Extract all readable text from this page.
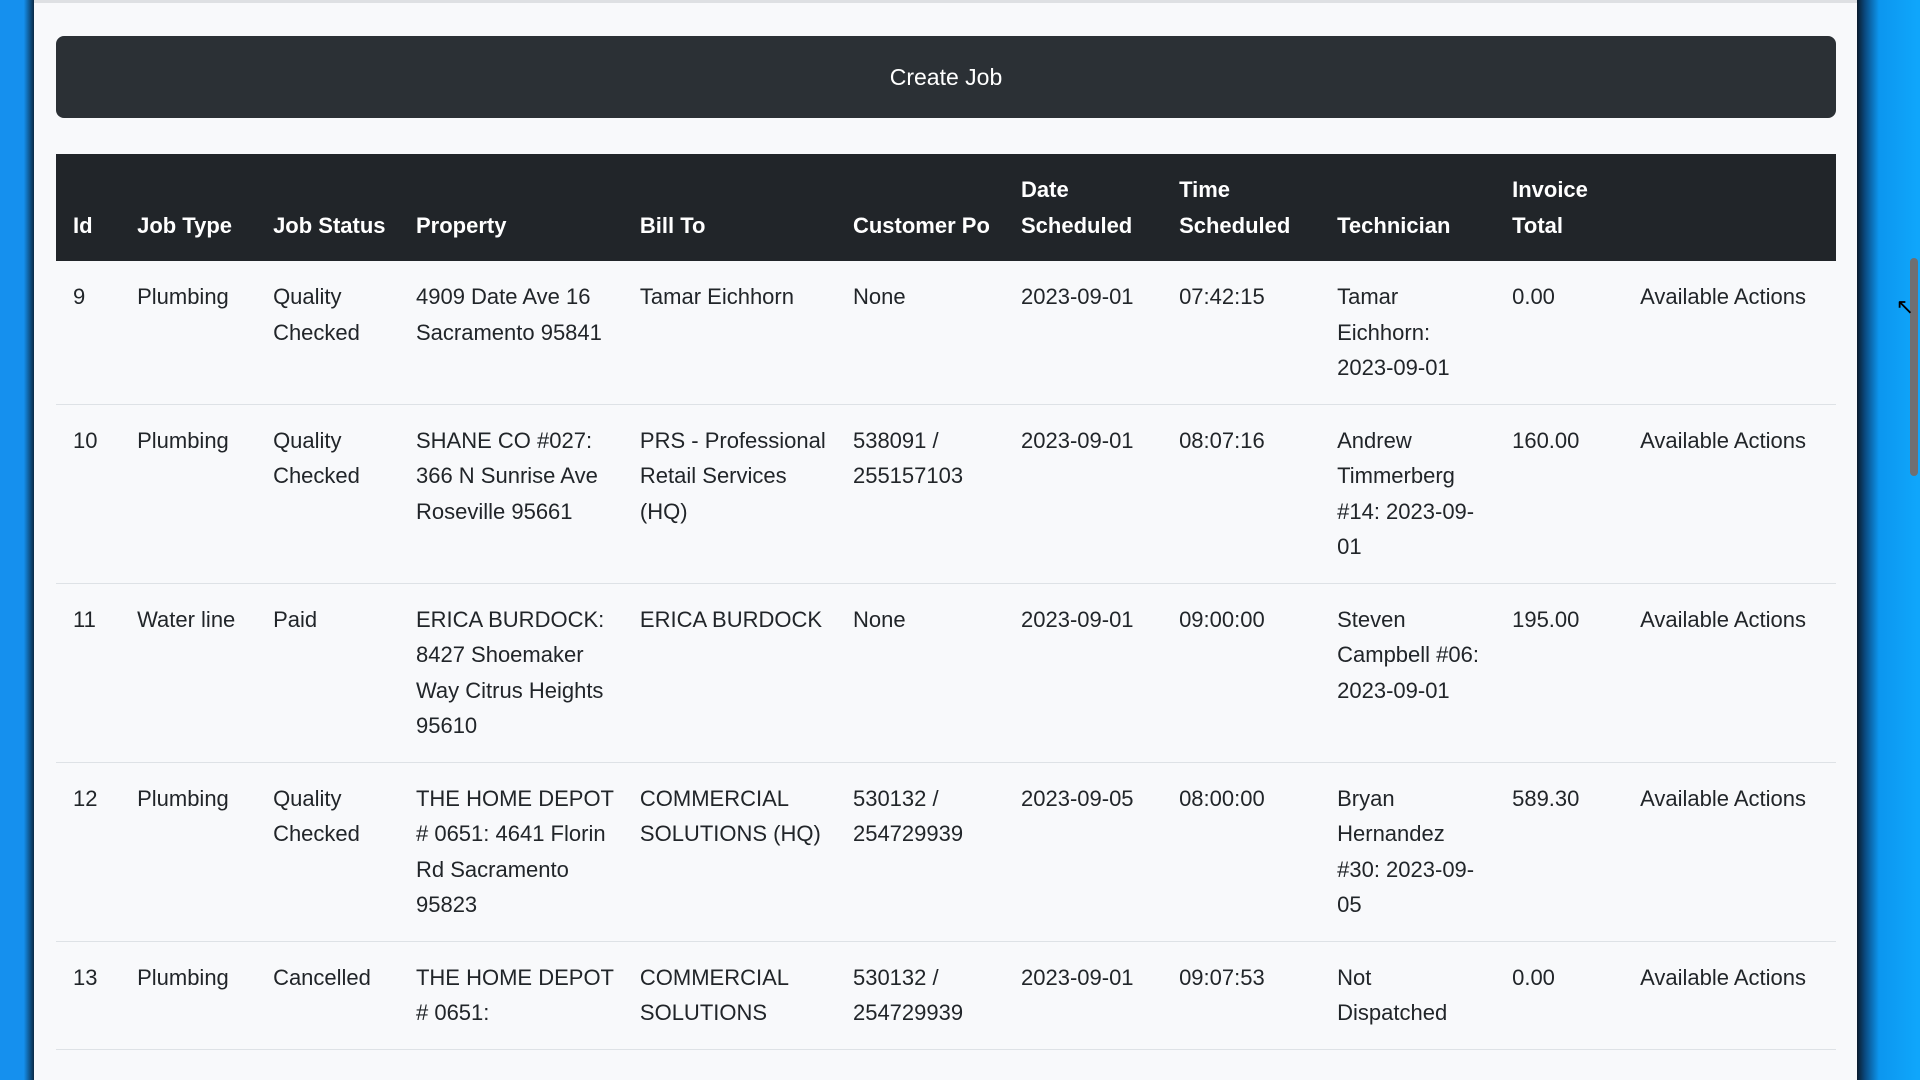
Create Job
Id	Job Type	Job Status	Property	Bill To	Customer Po	Date Scheduled	Time Scheduled	Technician	Invoice Total	
9	Plumbing	Quality Checked	4909 Date Ave 16 Sacramento 95841	Tamar Eichhorn	None	2023-09-01	07:42:15	Tamar Eichhorn: 2023-09-01	0.00	Available Actions
10	Plumbing	Quality Checked	SHANE CO #027: 366 N Sunrise Ave Roseville 95661	PRS - Professional Retail Services (HQ)	538091 / 255157103	2023-09-01	08:07:16	Andrew Timmerberg #14: 2023-09-01	160.00	Available Actions
11	Water line	Paid	ERICA BURDOCK: 8427 Shoemaker Way Citrus Heights 95610	ERICA BURDOCK	None	2023-09-01	09:00:00	Steven Campbell #06: 2023-09-01	195.00	Available Actions
12	Plumbing	Quality Checked	THE HOME DEPOT # 0651: 4641 Florin Rd Sacramento 95823	COMMERCIAL SOLUTIONS (HQ)	530132 / 254729939	2023-09-05	08:00:00	Bryan Hernandez #30: 2023-09-05	589.30	Available Actions
13	Plumbing	Cancelled	THE HOME DEPOT # 0651:	COMMERCIAL SOLUTIONS	530132 / 254729939	2023-09-01	09:07:53	Not Dispatched	0.00	Available Actions
↖
